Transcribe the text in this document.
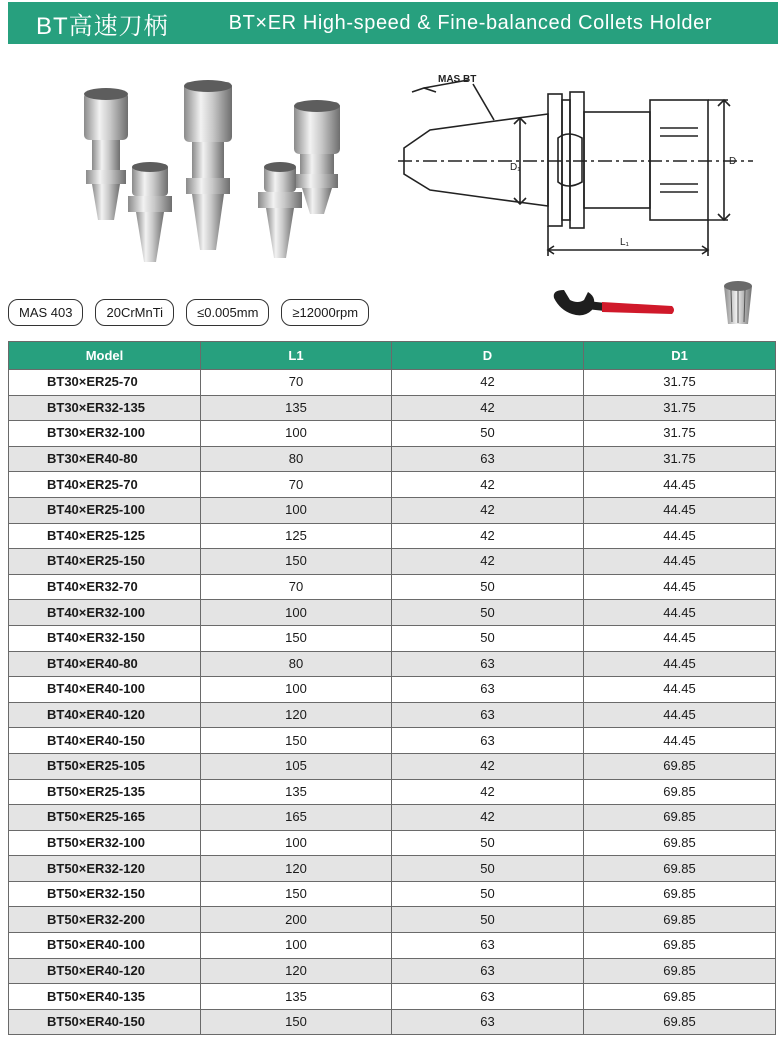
BT高速刀柄	BT×ER High-speed & Fine-balanced Collets Holder
MAS BT
D₁
D
L₁
MAS 403	20CrMnTi	≤0.005mm	≥12000rpm
Model	L1	D	D1
BT30×ER25-70	70	42	31.75
BT30×ER32-135	135	42	31.75
BT30×ER32-100	100	50	31.75
BT30×ER40-80	80	63	31.75
BT40×ER25-70	70	42	44.45
BT40×ER25-100	100	42	44.45
BT40×ER25-125	125	42	44.45
BT40×ER25-150	150	42	44.45
BT40×ER32-70	70	50	44.45
BT40×ER32-100	100	50	44.45
BT40×ER32-150	150	50	44.45
BT40×ER40-80	80	63	44.45
BT40×ER40-100	100	63	44.45
BT40×ER40-120	120	63	44.45
BT40×ER40-150	150	63	44.45
BT50×ER25-105	105	42	69.85
BT50×ER25-135	135	42	69.85
BT50×ER25-165	165	42	69.85
BT50×ER32-100	100	50	69.85
BT50×ER32-120	120	50	69.85
BT50×ER32-150	150	50	69.85
BT50×ER32-200	200	50	69.85
BT50×ER40-100	100	63	69.85
BT50×ER40-120	120	63	69.85
BT50×ER40-135	135	63	69.85
BT50×ER40-150	150	63	69.85
